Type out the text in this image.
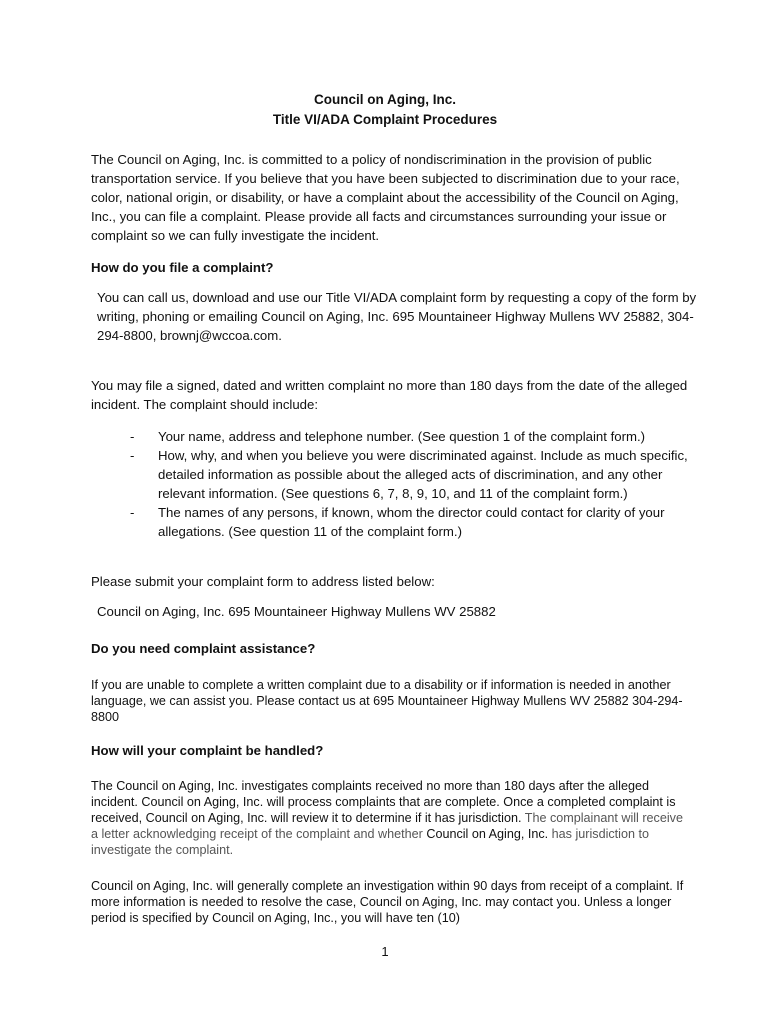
Council on Aging, Inc.
Title VI/ADA Complaint Procedures

The Council on Aging, Inc. is committed to a policy of nondiscrimination in the provision of public transportation service. If you believe that you have been subjected to discrimination due to your race, color, national origin, or disability, or have a complaint about the accessibility of the Council on Aging, Inc., you can file a complaint. Please provide all facts and circumstances surrounding your issue or complaint so we can fully investigate the incident.

How do you file a complaint?

You can call us, download and use our Title VI/ADA complaint form by requesting a copy of the form by writing, phoning or emailing Council on Aging, Inc. 695 Mountaineer Highway Mullens WV 25882, 304-294-8800, brownj@wccoa.com.

You may file a signed, dated and written complaint no more than 180 days from the date of the alleged incident. The complaint should include:

- Your name, address and telephone number. (See question 1 of the complaint form.)
- How, why, and when you believe you were discriminated against. Include as much specific, detailed information as possible about the alleged acts of discrimination, and any other relevant information. (See questions 6, 7, 8, 9, 10, and 11 of the complaint form.)
- The names of any persons, if known, whom the director could contact for clarity of your allegations. (See question 11 of the complaint form.)

Please submit your complaint form to address listed below:

Council on Aging, Inc. 695 Mountaineer Highway Mullens WV 25882

Do you need complaint assistance?

If you are unable to complete a written complaint due to a disability or if information is needed in another language, we can assist you. Please contact us at 695 Mountaineer Highway Mullens WV 25882 304-294-8800

How will your complaint be handled?

The Council on Aging, Inc. investigates complaints received no more than 180 days after the alleged incident. Council on Aging, Inc. will process complaints that are complete. Once a completed complaint is received, Council on Aging, Inc. will review it to determine if it has jurisdiction. The complainant will receive a letter acknowledging receipt of the complaint and whether Council on Aging, Inc. has jurisdiction to investigate the complaint.

Council on Aging, Inc. will generally complete an investigation within 90 days from receipt of a complaint. If more information is needed to resolve the case, Council on Aging, Inc. may contact you. Unless a longer period is specified by Council on Aging, Inc., you will have ten (10)

1
